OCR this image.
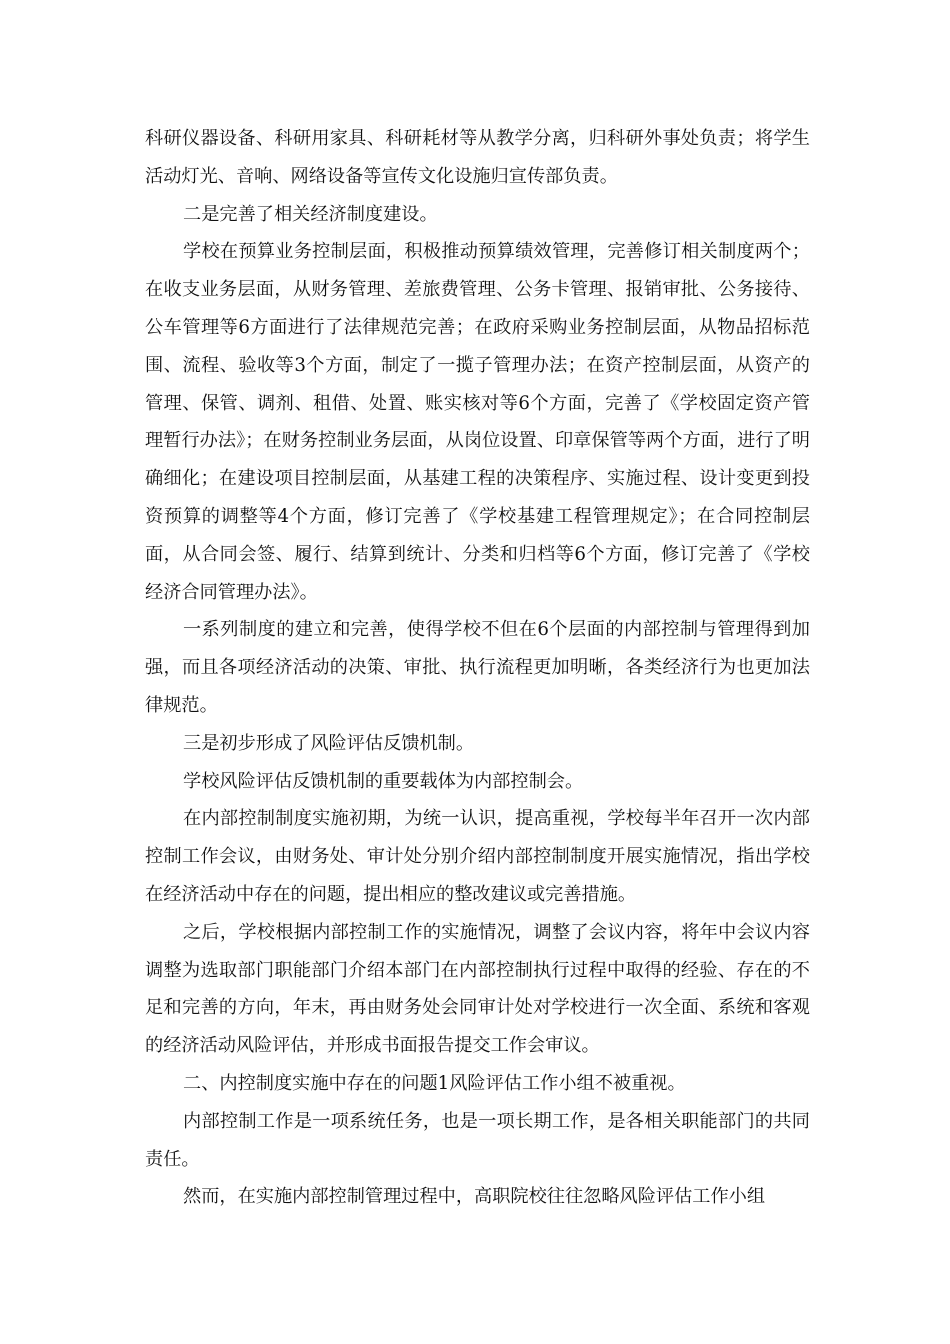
科研仪器设备、科研用家具、科研耗材等从教学分离，归科研外事处负责；将学生活动灯光、音响、网络设备等宣传文化设施归宣传部负责。

二是完善了相关经济制度建设。

学校在预算业务控制层面，积极推动预算绩效管理，完善修订相关制度两个；在收支业务层面，从财务管理、差旅费管理、公务卡管理、报销审批、公务接待、公车管理等6方面进行了法律规范完善；在政府采购业务控制层面，从物品招标范围、流程、验收等3个方面，制定了一揽子管理办法；在资产控制层面，从资产的管理、保管、调剂、租借、处置、账实核对等6个方面，完善了《学校固定资产管理暂行办法》；在财务控制业务层面，从岗位设置、印章保管等两个方面，进行了明确细化；在建设项目控制层面，从基建工程的决策程序、实施过程、设计变更到投资预算的调整等4个方面，修订完善了《学校基建工程管理规定》；在合同控制层面，从合同会签、履行、结算到统计、分类和归档等6个方面，修订完善了《学校经济合同管理办法》。

一系列制度的建立和完善，使得学校不但在6个层面的内部控制与管理得到加强，而且各项经济活动的决策、审批、执行流程更加明晰，各类经济行为也更加法律规范。

三是初步形成了风险评估反馈机制。

学校风险评估反馈机制的重要载体为内部控制会。

在内部控制制度实施初期，为统一认识，提高重视，学校每半年召开一次内部控制工作会议，由财务处、审计处分别介绍内部控制制度开展实施情况，指出学校在经济活动中存在的问题，提出相应的整改建议或完善措施。

之后，学校根据内部控制工作的实施情况，调整了会议内容，将年中会议内容调整为选取部门职能部门介绍本部门在内部控制执行过程中取得的经验、存在的不足和完善的方向，年末，再由财务处会同审计处对学校进行一次全面、系统和客观的经济活动风险评估，并形成书面报告提交工作会审议。

二、内控制度实施中存在的问题1风险评估工作小组不被重视。

内部控制工作是一项系统任务，也是一项长期工作，是各相关职能部门的共同责任。

然而，在实施内部控制管理过程中，高职院校往往忽略风险评估工作小组
